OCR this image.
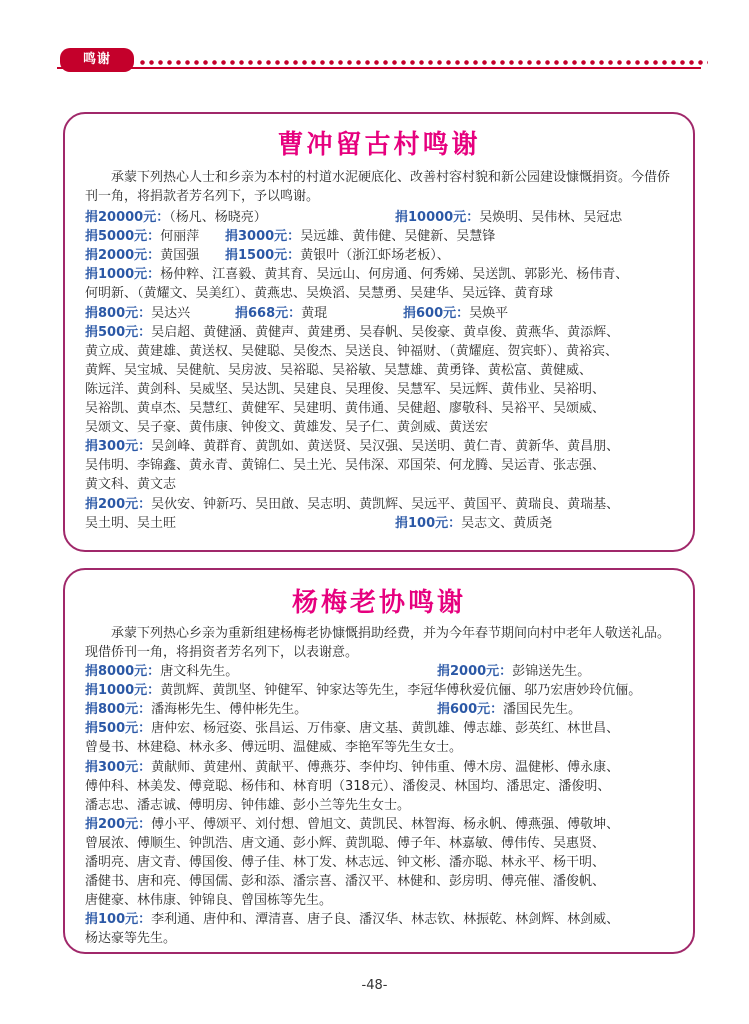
鸣谢
曹冲留古村鸣谢

承蒙下列热心人士和乡亲为本村的村道水泥硬底化、改善村容村貌和新公园建设慷慨捐资。今借侨刊一角，将捐款者芳名列下，予以鸣谢。

捐20000元：（杨凡、杨晓亮）	捐10000元：吴焕明、吴伟林、吴冠忠
捐5000元：何丽萍 捐3000元：吴远雄、黄伟健、吴健新、吴慧锋
捐2000元：黄国强 捐1500元：黄银叶（浙江虾场老板）、
捐1000元：杨仲粹、江喜毅、黄其育、吴远山、何房通、何秀娣、吴送凯、郭影光、杨伟青、
何明新、（黄耀文、吴美红）、黄燕忠、吴焕滔、吴慧勇、吴建华、吴远锋、黄育球
捐800元：吴达兴	捐668元：黄琨	捐600元：吴焕平
捐500元：吴启超、黄健涵、黄健声、黄建勇、吴春帆、吴俊豪、黄卓俊、黄燕华、黄添辉、
黄立成、黄建雄、黄送权、吴健聪、吴俊杰、吴送良、钟福财、（黄耀庭、贺宾虾）、黄裕宾、
黄辉、吴宝城、吴健航、吴房波、吴裕聪、吴裕敏、吴慧雄、黄勇锋、黄松富、黄健威、
陈远洋、黄剑科、吴威坚、吴达凯、吴建良、吴理俊、吴慧军、吴远辉、黄伟业、吴裕明、
吴裕凯、黄卓杰、吴慧红、黄健军、吴建明、黄伟通、吴健超、廖敬科、吴裕平、吴颂威、
吴颂文、吴子豪、黄伟康、钟俊文、黄雄发、吴子仁、黄剑威、黄送宏
捐300元：吴剑峰、黄群育、黄凯如、黄送贤、吴汉强、吴送明、黄仁青、黄新华、黄昌朋、
吴伟明、李锦鑫、黄永青、黄锦仁、吴土光、吴伟深、邓国荣、何龙腾、吴运青、张志强、
黄文科、黄文志
捐200元：吴伙安、钟新巧、吴田啟、吴志明、黄凯辉、吴远平、黄国平、黄瑞良、黄瑞基、
吴土明、吴土旺	捐100元：吴志文、黄质尧
杨梅老协鸣谢

承蒙下列热心乡亲为重新组建杨梅老协慷慨捐助经费，并为今年春节期间向村中老年人敬送礼品。现借侨刊一角，将捐资者芳名列下，以表谢意。

捐8000元：唐文科先生。	捐2000元：彭锦送先生。
捐1000元：黄凯辉、黄凯坚、钟健军、钟家达等先生，李冠华傅秋爱伉俪、邬乃宏唐妙玲伉俪。
捐800元：潘海彬先生、傅仲彬先生。	捐600元：潘国民先生。
捐500元：唐仲宏、杨冠姿、张昌运、万伟豪、唐文基、黄凯雄、傅志雄、彭英红、林世昌、
曾曼书、林建稳、林永多、傅远明、温健威、李艳军等先生女士。
捐300元：黄献师、黄建州、黄献平、傅燕芬、李仲均、钟伟重、傅木房、温健彬、傅永康、
傅仲科、林美发、傅竟聪、杨伟和、林育明（318元）、潘俊灵、林国均、潘思定、潘俊明、
潘志忠、潘志诚、傅明房、钟伟雄、彭小兰等先生女士。
捐200元：傅小平、傅颂平、刘付想、曾旭文、黄凯民、林智海、杨永帆、傅燕强、傅敬坤、
曾展浓、傅顺生、钟凯浩、唐文通、彭小辉、黄凯聪、傅子年、林嘉敏、傅伟传、吴惠贤、
潘明亮、唐文青、傅国俊、傅子佳、林丁发、林志远、钟文彬、潘亦聪、林永平、杨干明、
潘健书、唐和亮、傅国儒、彭和添、潘宗喜、潘汉平、林健和、彭房明、傅亮催、潘俊帆、
唐健豪、林伟康、钟锦良、曾国栋等先生。
捐100元：李利通、唐仲和、潭清喜、唐子良、潘汉华、林志钦、林振乾、林剑辉、林剑威、
杨达豪等先生。
-48-
